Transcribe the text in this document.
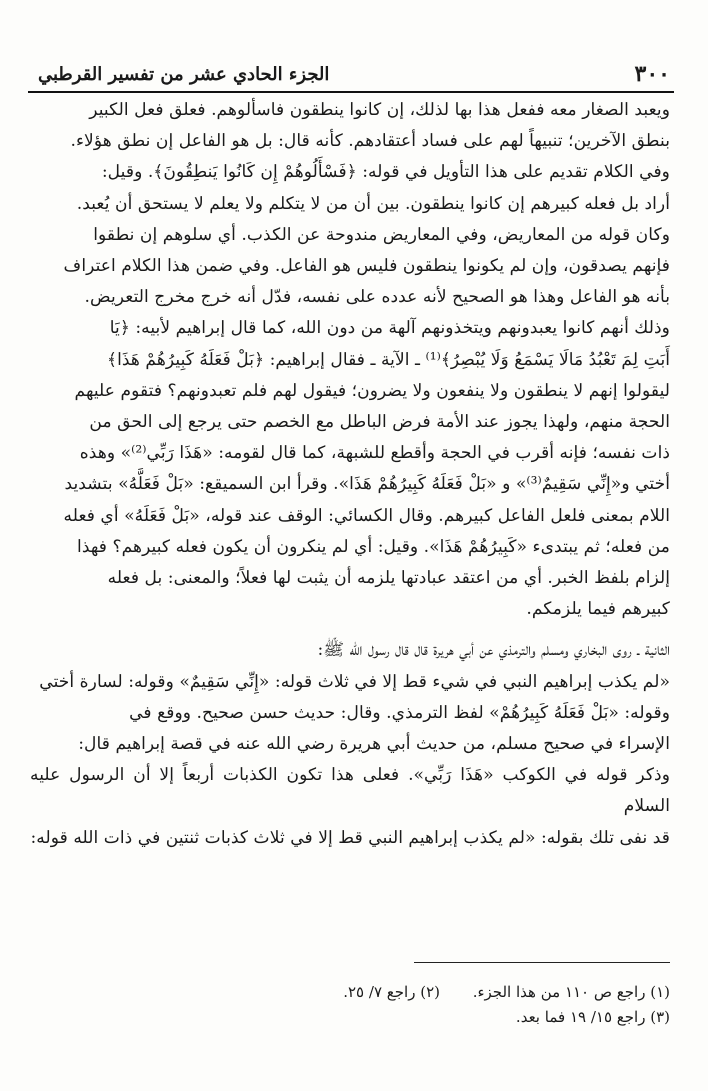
٣٠٠
الجزء الحادي عشر من تفسير القرطبي

ويعبد الصغار معه ففعل هذا بها لذلك، إن كانوا ينطقون فاسألوهم. فعلق فعل الكبير

بنطق الآخرين؛ تنبيهاً لهم على فساد أعتقادهم. كأنه قال: بل هو الفاعل إن نطق هؤلاء.

وفي الكلام تقديم على هذا التأويل في قوله: ﴿فَسْأَلُوهُمْ إِن كَانُوا يَنطِقُونَ﴾. وقيل:

أراد بل فعله كبيرهم إن كانوا ينطقون. بين أن من لا يتكلم ولا يعلم لا يستحق أن يُعبد.

وكان قوله من المعاريض، وفي المعاريض مندوحة عن الكذب. أي سلوهم إن نطقوا

فإنهم يصدقون، وإن لم يكونوا ينطقون فليس هو الفاعل. وفي ضمن هذا الكلام اعتراف

بأنه هو الفاعل وهذا هو الصحيح لأنه عدده على نفسه، فدّل أنه خرج مخرج التعريض.

وذلك أنهم كانوا يعبدونهم ويتخذونهم آلهة من دون الله، كما قال إبراهيم لأبيه: ﴿يَا

أَبَتِ لِمَ تَعْبُدُ مَالَا يَسْمَعُ وَلَا يُبْصِرُ﴾⁽¹⁾ ـ الآية ـ فقال إبراهيم: ﴿بَلْ فَعَلَهُ كَبِيرُهُمْ هَذَا﴾

ليقولوا إنهم لا ينطقون ولا ينفعون ولا يضرون؛ فيقول لهم فلم تعبدونهم؟ فتقوم عليهم

الحجة منهم، ولهذا يجوز عند الأمة فرض الباطل مع الخصم حتى يرجع إلى الحق من

ذات نفسه؛ فإنه أقرب في الحجة وأقطع للشبهة، كما قال لقومه: «هَذَا رَبِّي⁽²⁾» وهذه

أختي و«إِنِّي سَقِيمٌ⁽³⁾» و «بَلْ فَعَلَهُ كَبِيرُهُمْ هَذَا». وقرأ ابن السميقع: «بَلْ فَعَلَّهُ» بتشديد

اللام بمعنى فلعل الفاعل كبيرهم. وقال الكسائي: الوقف عند قوله، «بَلْ فَعَلَهُ» أي فعله

من فعله؛ ثم يبتدىء «كَبِيرُهُمْ هَذَا». وقيل: أي لم ينكرون أن يكون فعله كبيرهم؟ فهذا

إلزام بلفظ الخبر. أي من اعتقد عبادتها يلزمه أن يثبت لها فعلاً؛ والمعنى: بل فعله

كبيرهم فيما يلزمكم.

الثانية ـ روى البخاري ومسلم والترمذي عن أبي هريرة قال قال رسول الله ﷺ:

«لم يكذب إبراهيم النبي في شيء قط إلا في ثلاث قوله: «إِنِّي سَقِيمٌ» وقوله: لسارة أختي

وقوله: «بَلْ فَعَلَهُ كَبِيرُهُمْ» لفظ الترمذي. وقال: حديث حسن صحيح. ووقع في

الإسراء في صحيح مسلم، من حديث أبي هريرة رضي الله عنه في قصة إبراهيم قال:

وذكر قوله في الكوكب «هَذَا رَبِّي». فعلى هذا تكون الكذبات أربعاً إلا أن الرسول عليه السلام

قد نفى تلك بقوله: «لم يكذب إبراهيم النبي قط إلا في ثلاث كذبات ثنتين في ذات الله قوله:

(١) راجع ص ١١٠ من هذا الجزء.
(٢) راجع ٧/ ٢٥.
(٣) راجع ١٥/ ١٩ فما بعد.
